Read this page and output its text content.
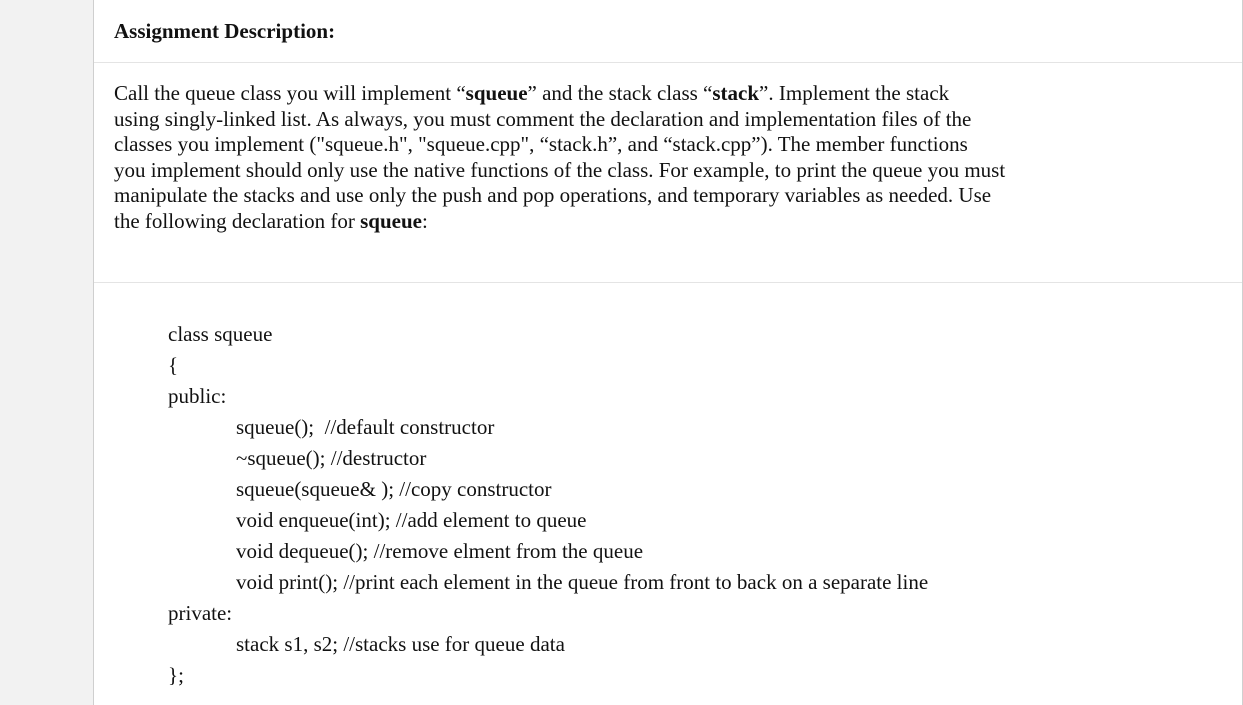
Assignment Description:
Call the queue class you will implement “squeue” and the stack class “stack”. Implement the stack
using singly-linked list. As always, you must comment the declaration and implementation files of the
classes you implement ("squeue.h", "squeue.cpp", “stack.h”, and “stack.cpp”). The member functions
you implement should only use the native functions of the class. For example, to print the queue you must
manipulate the stacks and use only the push and pop operations, and temporary variables as needed. Use
the following declaration for squeue:
class squeue
{
public:
squeue();  //default constructor
~squeue(); //destructor
squeue(squeue& ); //copy constructor
void enqueue(int); //add element to queue
void dequeue(); //remove elment from the queue
void print(); //print each element in the queue from front to back on a separate line
private:
stack s1, s2; //stacks use for queue data
};
